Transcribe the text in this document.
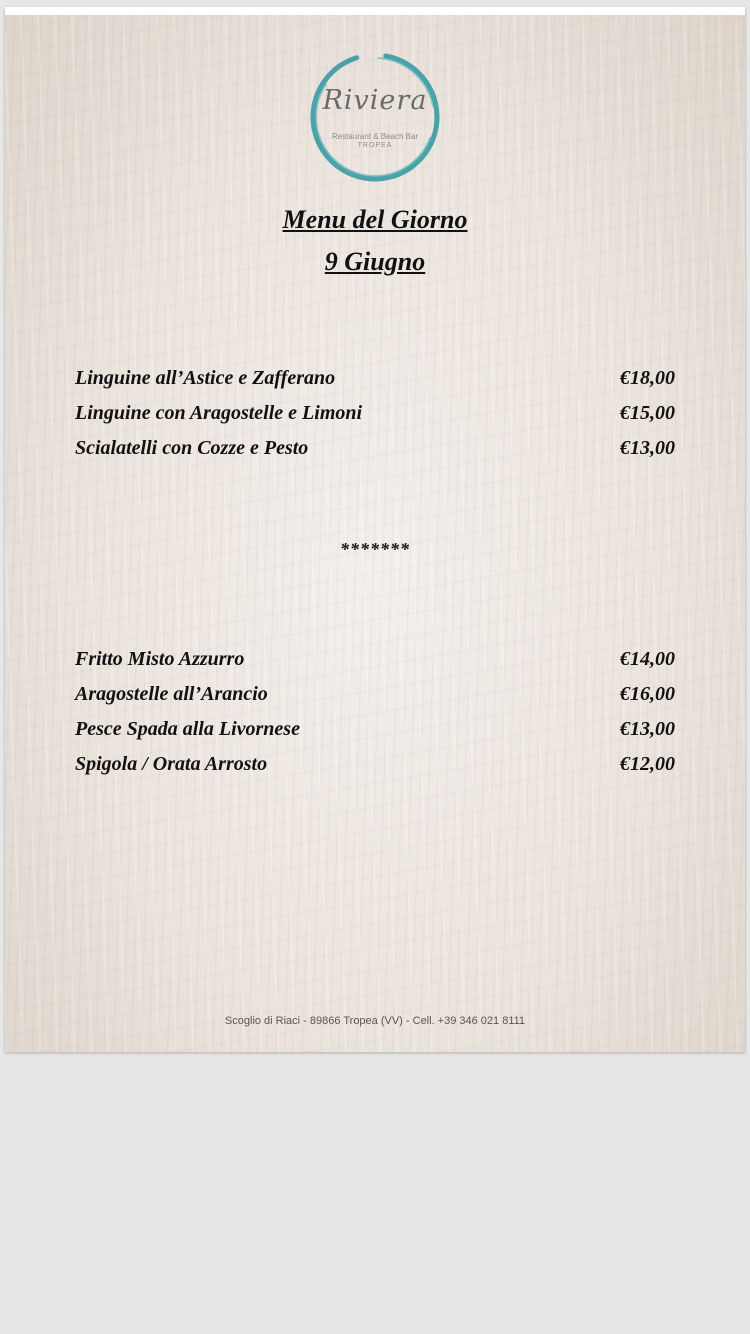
Riviera
Restaurant & Beach Bar
TROPEA
Menu del Giorno
9 Giugno
Linguine all’Astice e Zafferano	€18,00
Linguine con Aragostelle e Limoni	€15,00
Scialatelli con Cozze e Pesto	€13,00
*******
Fritto Misto Azzurro	€14,00
Aragostelle all’Arancio	€16,00
Pesce Spada alla Livornese	€13,00
Spigola / Orata Arrosto	€12,00
Scoglio di Riaci - 89866 Tropea (VV) - Cell. +39 346 021 8111
